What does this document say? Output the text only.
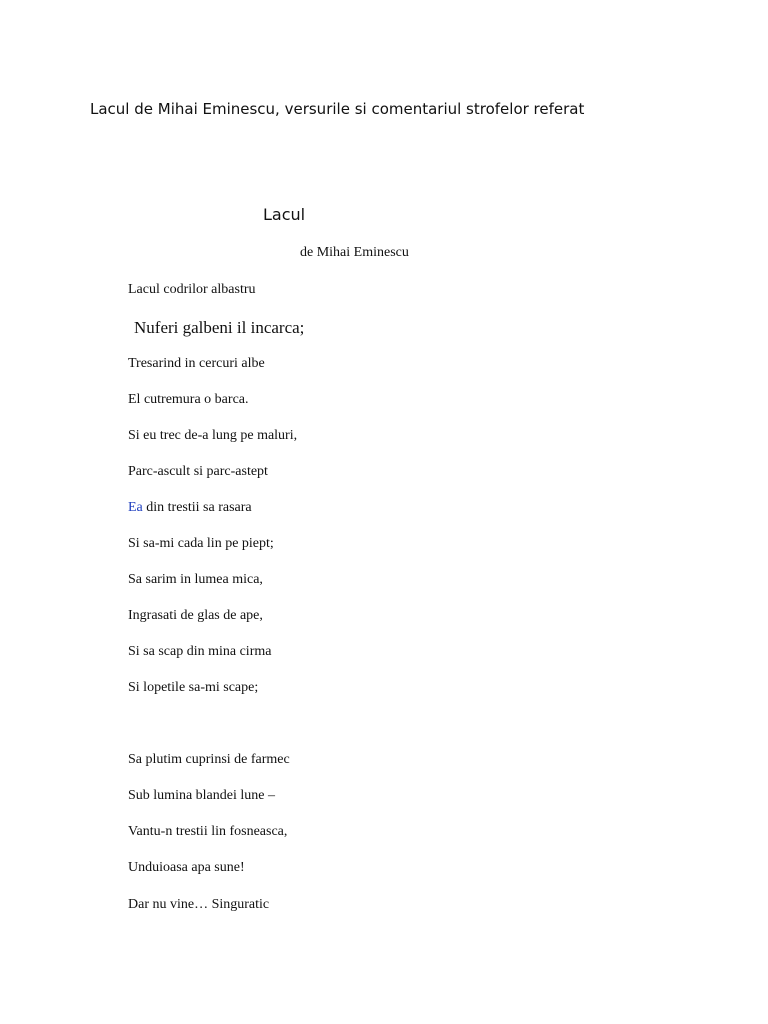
Lacul de Mihai Eminescu, versurile si comentariul strofelor referat
Lacul
de Mihai Eminescu
Lacul codrilor albastru
Nuferi galbeni il incarca;
Tresarind in cercuri albe
El cutremura o barca.
Si eu trec de-a lung pe maluri,
Parc-ascult si parc-astept
Ea din trestii sa rasara
Si sa-mi cada lin pe piept;
Sa sarim in lumea mica,
Ingrasati de glas de ape,
Si sa scap din mina cirma
Si lopetile sa-mi scape;
Sa plutim cuprinsi de farmec
Sub lumina blandei lune –
Vantu-n trestii lin fosneasca,
Unduioasa apa sune!
Dar nu vine… Singuratic
